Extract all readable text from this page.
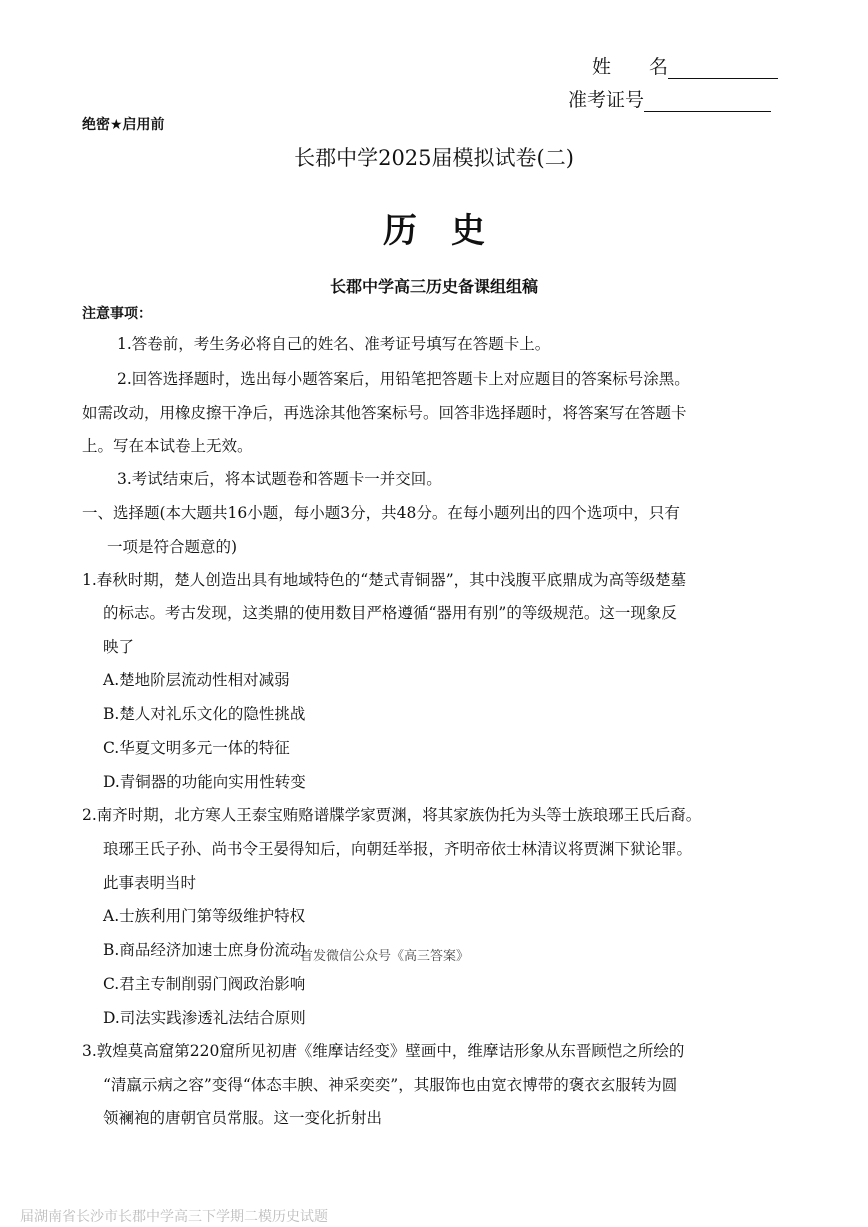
姓　　名
准考证号
绝密★启用前
长郡中学2025届模拟试卷(二)
历史
长郡中学高三历史备课组组稿
注意事项：
1.答卷前，考生务必将自己的姓名、准考证号填写在答题卡上。
2.回答选择题时，选出每小题答案后，用铅笔把答题卡上对应题目的答案标号涂黑。
如需改动，用橡皮擦干净后，再选涂其他答案标号。回答非选择题时，将答案写在答题卡
上。写在本试卷上无效。
3.考试结束后，将本试题卷和答题卡一并交回。
一、选择题(本大题共16小题，每小题3分，共48分。在每小题列出的四个选项中，只有
一项是符合题意的)
1.春秋时期，楚人创造出具有地域特色的“楚式青铜器”，其中浅腹平底鼎成为高等级楚墓
的标志。考古发现，这类鼎的使用数目严格遵循“器用有别”的等级规范。这一现象反
映了
A.楚地阶层流动性相对减弱
B.楚人对礼乐文化的隐性挑战
C.华夏文明多元一体的特征
D.青铜器的功能向实用性转变
2.南齐时期，北方寒人王泰宝贿赂谱牒学家贾渊，将其家族伪托为头等士族琅琊王氏后裔。
琅琊王氏子孙、尚书令王晏得知后，向朝廷举报，齐明帝依士林清议将贾渊下狱论罪。
此事表明当时
A.士族利用门第等级维护特权
B.商品经济加速士庶身份流动
C.君主专制削弱门阀政治影响
D.司法实践渗透礼法结合原则
3.敦煌莫高窟第220窟所见初唐《维摩诘经变》壁画中，维摩诘形象从东晋顾恺之所绘的
“清羸示病之容”变得“体态丰腴、神采奕奕”，其服饰也由宽衣博带的褒衣玄服转为圆
领襕袍的唐朝官员常服。这一变化折射出
首发微信公众号《高三答案》
届湖南省长沙市长郡中学高三下学期二模历史试题
